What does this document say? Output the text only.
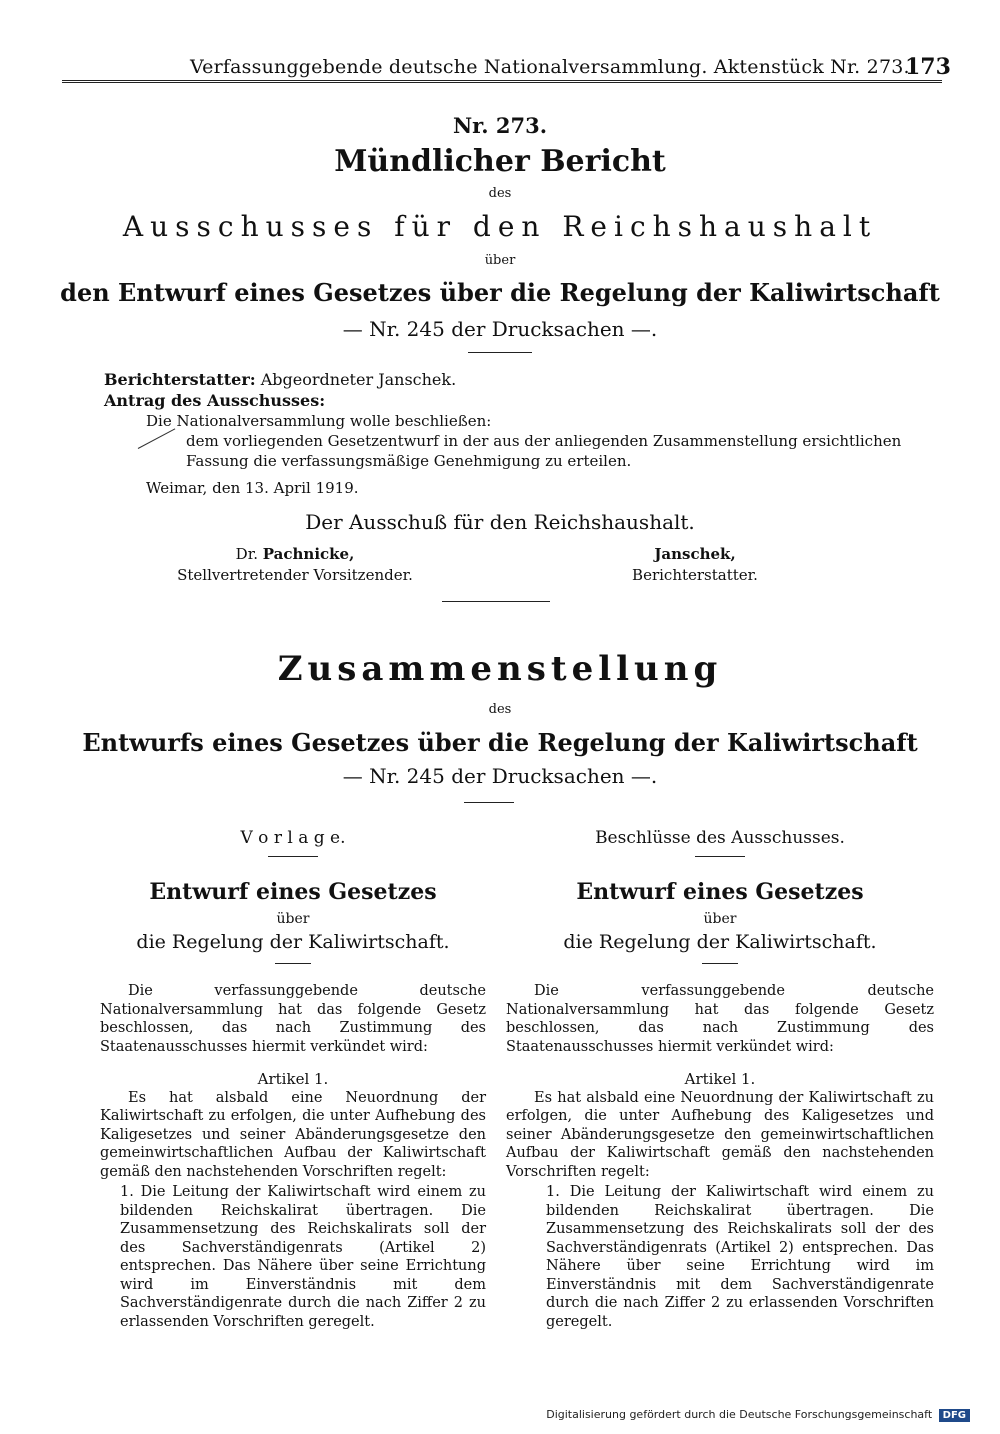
Verfassunggebende deutsche Nationalversammlung. Aktenstück Nr. 273.
173
Nr. 273.
Mündlicher Bericht
des
Ausschusses für den Reichshaushalt
über
den Entwurf eines Gesetzes über die Regelung der Kaliwirtschaft
— Nr. 245 der Drucksachen —.
Berichterstatter: Abgeordneter Janschek.
Antrag des Ausschusses:
Die Nationalversammlung wolle beschließen:
dem vorliegenden Gesetzentwurf in der aus der anliegenden Zusammenstellung ersichtlichen
Fassung die verfassungsmäßige Genehmigung zu erteilen.
Weimar, den 13. April 1919.
Der Ausschuß für den Reichshaushalt.
Dr. Pachnicke,
Stellvertretender Vorsitzender.
Janschek,
Berichterstatter.
Zusammenstellung
des
Entwurfs eines Gesetzes über die Regelung der Kaliwirtschaft
— Nr. 245 der Drucksachen —.
V o r l a g e.
Entwurf eines Gesetzes
über
die Regelung der Kaliwirtschaft.

Die verfassunggebende deutsche Nationalversammlung hat das folgende Gesetz beschlossen, das nach Zustimmung des Staatenausschusses hiermit verkündet wird:

Artikel 1.

Es hat alsbald eine Neuordnung der Kaliwirtschaft zu erfolgen, die unter Aufhebung des Kaligesetzes und seiner Abänderungsgesetze den gemeinwirtschaftlichen Aufbau der Kaliwirtschaft gemäß den nachstehenden Vorschriften regelt:

1. Die Leitung der Kaliwirtschaft wird einem zu bildenden Reichskalirat übertragen. Die Zusammensetzung des Reichskalirats soll der des Sachverständigenrats (Artikel 2) entsprechen. Das Nähere über seine Errichtung wird im Einverständnis mit dem Sachverständigenrate durch die nach Ziffer 2 zu erlassenden Vorschriften geregelt.

Beschlüsse des Ausschusses.
Entwurf eines Gesetzes
über
die Regelung der Kaliwirtschaft.

Die verfassunggebende deutsche Nationalversammlung hat das folgende Gesetz beschlossen, das nach Zustimmung des Staatenausschusses hiermit verkündet wird:

Artikel 1.

Es hat alsbald eine Neuordnung der Kaliwirtschaft zu erfolgen, die unter Aufhebung des Kaligesetzes und seiner Abänderungsgesetze den gemeinwirtschaftlichen Aufbau der Kaliwirtschaft gemäß den nachstehenden Vorschriften regelt:

1. Die Leitung der Kaliwirtschaft wird einem zu bildenden Reichskalirat übertragen. Die Zusammensetzung des Reichskalirats soll der des Sachverständigenrats (Artikel 2) entsprechen. Das Nähere über seine Errichtung wird im Einverständnis mit dem Sachverständigenrate durch die nach Ziffer 2 zu erlassenden Vorschriften geregelt.

Digitalisierung gefördert durch die Deutsche Forschungsgemeinschaft DFG
